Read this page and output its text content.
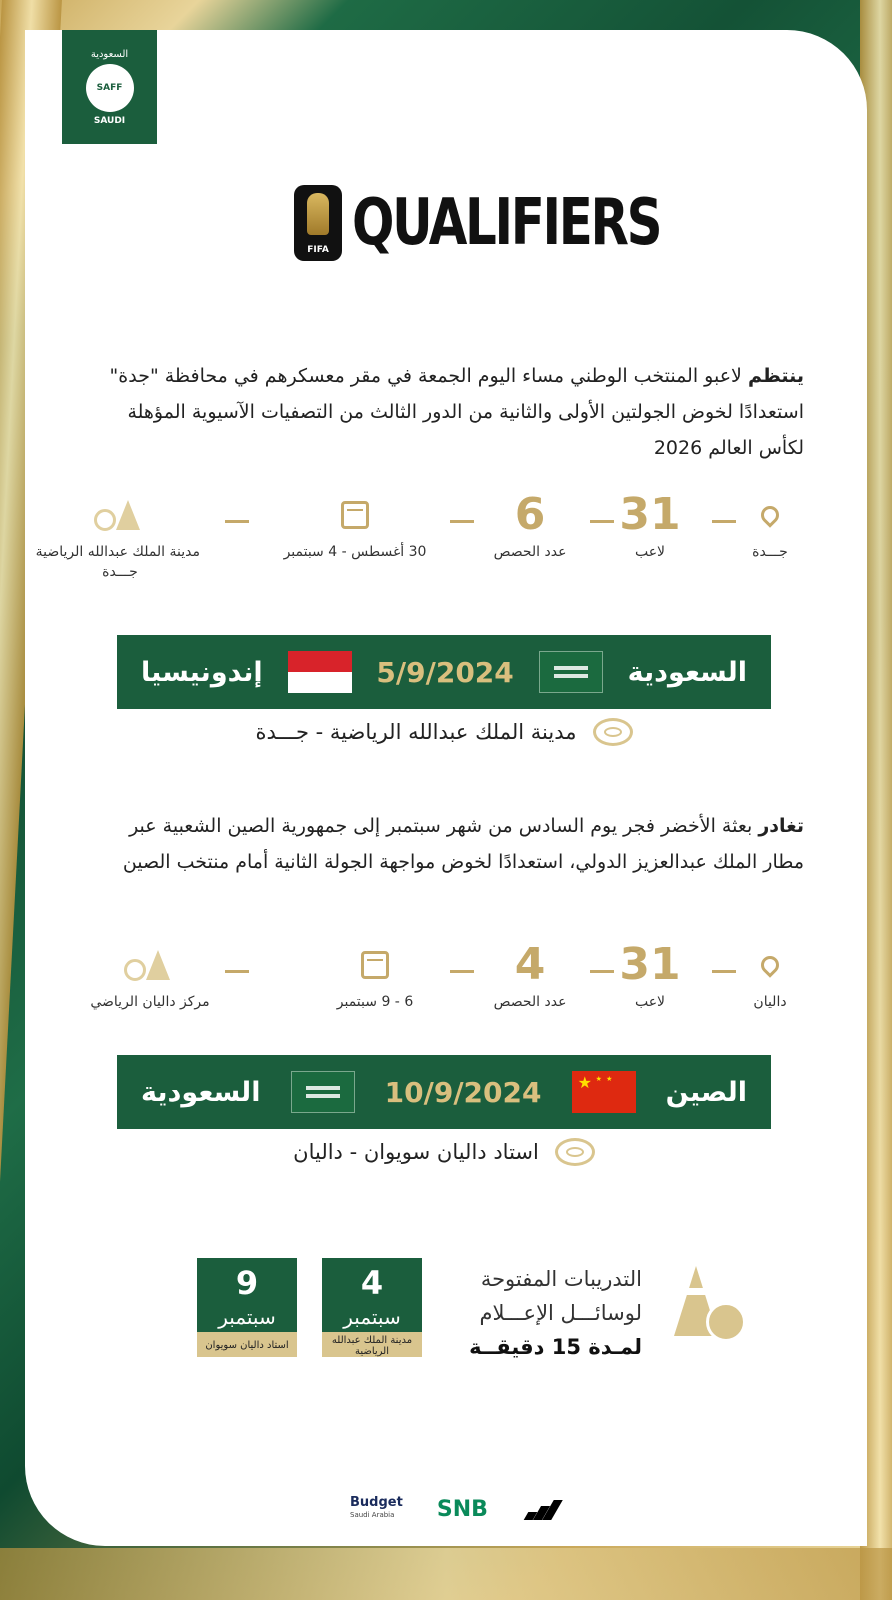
السعودية
SAFF
SAUDI
FIFA QUALIFIERS
ينتظم لاعبو المنتخب الوطني مساء اليوم الجمعة في مقر معسكرهم في محافظة "جدة" استعدادًا لخوض الجولتين الأولى والثانية من الدور الثالث من التصفيات الآسيوية المؤهلة لكأس العالم 2026
جـــدة
31
لاعب
6
عدد الحصص
30 أغسطس - 4 سبتمبر
مدينة الملك عبدالله الرياضية
جـــدة
السعودية
5/9/2024
إندونيسيا
مدينة الملك عبدالله الرياضية - جـــدة
تغادر بعثة الأخضر فجر يوم السادس من شهر سبتمبر إلى جمهورية الصين الشعبية عبر مطار الملك عبدالعزيز الدولي، استعدادًا لخوض مواجهة الجولة الثانية أمام منتخب الصين
داليان
31
لاعب
4
عدد الحصص
6 - 9 سبتمبر
مركز داليان الرياضي
الصين
★ ★ ★
10/9/2024
السعودية
استاد داليان سويوان - داليان
التدريبات المفتوحة
لوسائـــل الإعـــلام
لمـدة 15 دقيقــة
4
سبتمبر
مدينة الملك عبدالله الرياضية
9
سبتمبر
استاد داليان سويوان
Budget
Saudi Arabia	SNB
